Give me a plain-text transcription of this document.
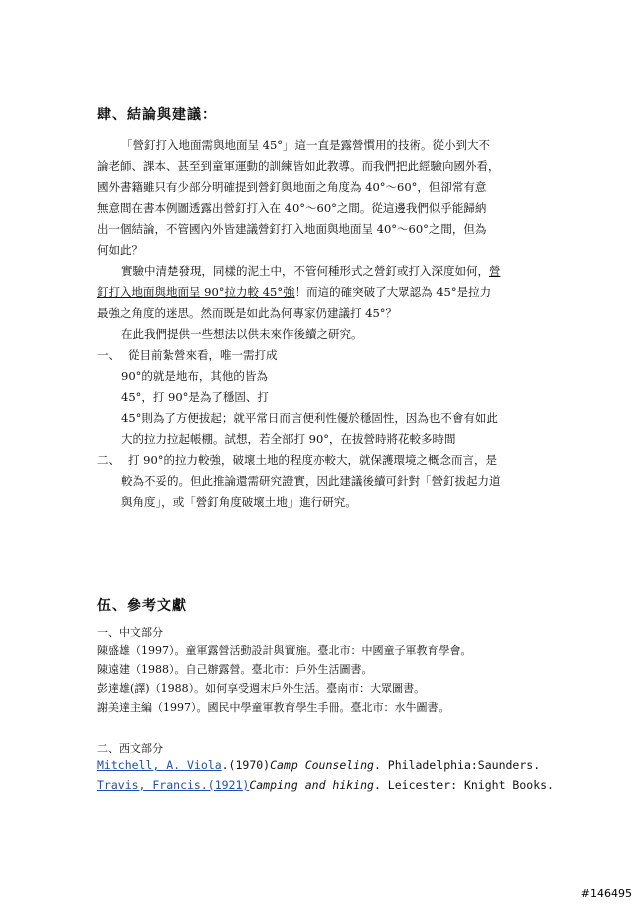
肆、結論與建議：
「營釘打入地面需與地面呈 45°」這一直是露營慣用的技術。從小到大不
論老師、課本、甚至到童軍運動的訓練皆如此教導。而我們把此經驗向國外看，
國外書籍雖只有少部分明確提到營釘與地面之角度為 40°～60°，但卻常有意
無意間在書本例圖透露出營釘打入在 40°～60°之間。從這邊我們似乎能歸納
出一個結論，不管國內外皆建議營釘打入地面與地面呈 40°～60°之間，但為
何如此？
實驗中清楚發現，同樣的泥土中，不管何種形式之營釘或打入深度如何，營
釘打入地面與地面呈 90°拉力較 45°強！而這的確突破了大眾認為 45°是拉力
最強之角度的迷思。然而既是如此為何專家仍建議打 45°？
在此我們提供一些想法以供未來作後續之研究。
一、 從目前紮營來看，唯一需打成
90°的就是地布，其他的皆為
45°，打 90°是為了穩固、打
45°則為了方便拔起；就平常日而言便利性優於穩固性，因為也不會有如此
大的拉力拉起帳棚。試想，若全部打 90°，在拔營時將花較多時間
二、 打 90°的拉力較強，破壞土地的程度亦較大，就保護環境之概念而言，是
較為不妥的。但此推論還需研究證實，因此建議後續可針對「營釘拔起力道
與角度」，或「營釘角度破壞土地」進行研究。
伍、參考文獻
一、中文部分
陳盛雄（1997）。童軍露營活動設計與實施。臺北市：中國童子軍教育學會。
陳遠建（1988）。自己辦露營。臺北市：戶外生活圖書。
彭達雄(譯)（1988）。如何享受週末戶外生活。臺南市：大眾圖書。
謝美達主編（1997）。國民中學童軍教育學生手冊。臺北市：水牛圖書。
二、西文部分
Mitchell, A. Viola.(1970)Camp Counseling. Philadelphia:Saunders.
Travis, Francis.(1921)Camping and hiking. Leicester: Knight Books.
#146495
